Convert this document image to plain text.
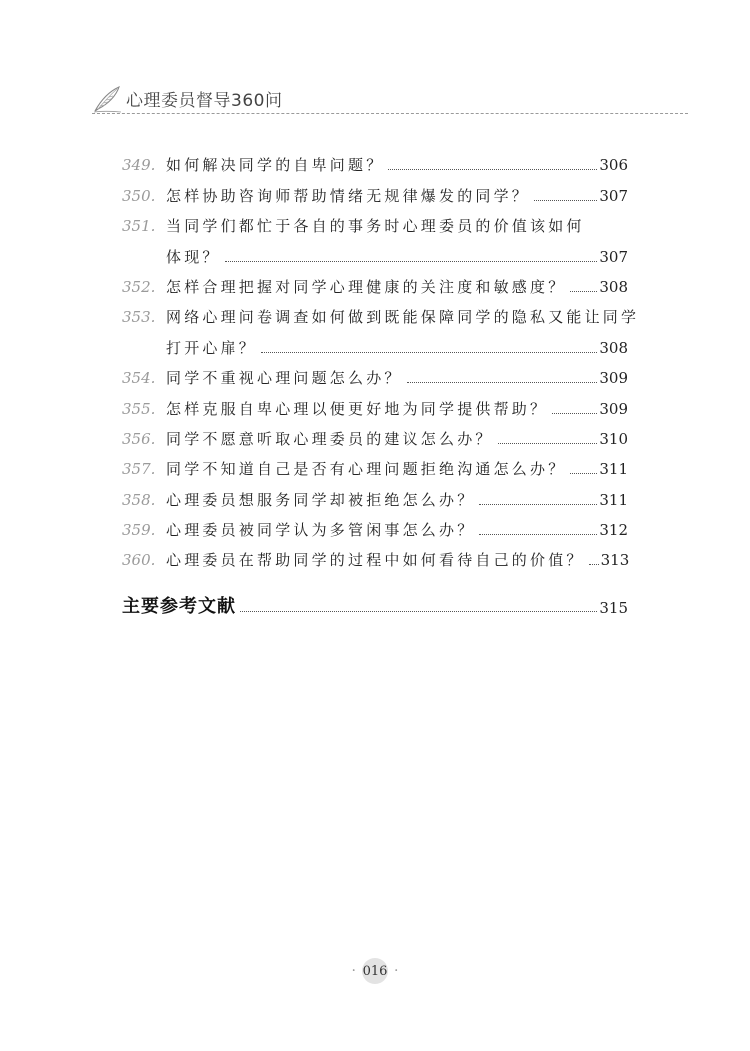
心理委员督导360问
349. 如何解决同学的自卑问题？	306
350. 怎样协助咨询师帮助情绪无规律爆发的同学？	307
351. 当同学们都忙于各自的事务时心理委员的价值该如何
体现？	307
352. 怎样合理把握对同学心理健康的关注度和敏感度？ 308
353. 网络心理问卷调查如何做到既能保障同学的隐私又能让同学
打开心扉？	308
354. 同学不重视心理问题怎么办？	309
355. 怎样克服自卑心理以便更好地为同学提供帮助？	309
356. 同学不愿意听取心理委员的建议怎么办？	310
357. 同学不知道自己是否有心理问题拒绝沟通怎么办？ 311
358. 心理委员想服务同学却被拒绝怎么办？	311
359. 心理委员被同学认为多管闲事怎么办？	312
360. 心理委员在帮助同学的过程中如何看待自己的价值？ 313
主要参考文献	315
· 016 ·
